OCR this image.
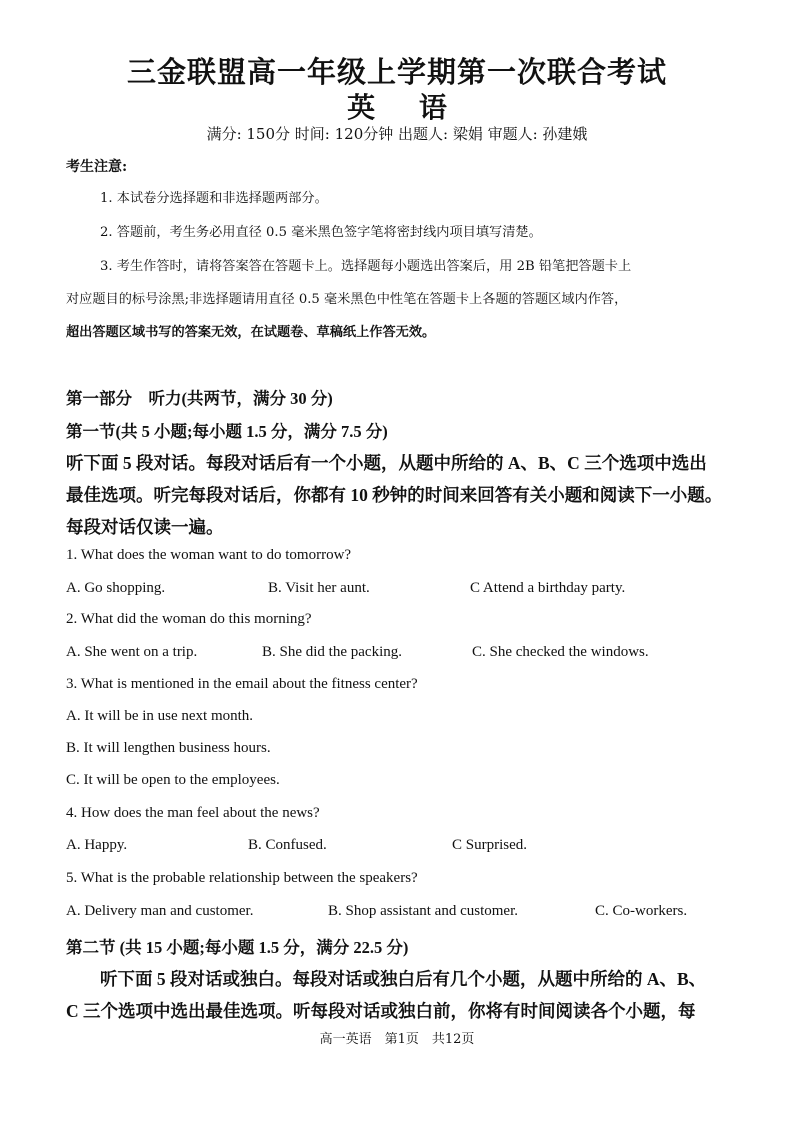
三金联盟高一年级上学期第一次联合考试
英 语
满分: 150分 时间: 120分钟 出题人: 梁娟 审题人: 孙建娥
考生注意:
1. 本试卷分选择题和非选择题两部分。
2. 答题前，考生务必用直径 0.5 毫米黑色签字笔将密封线内项目填写清楚。
3. 考生作答时，请将答案答在答题卡上。选择题每小题选出答案后，用 2B 铅笔把答题卡上
对应题目的标号涂黑;非选择题请用直径 0.5 毫米黑色中性笔在答题卡上各题的答题区域内作答，
超出答题区域书写的答案无效，在试题卷、草稿纸上作答无效。
第一部分　听力(共两节，满分 30 分)
第一节(共 5 小题;每小题 1.5 分，满分 7.5 分)
听下面 5 段对话。每段对话后有一个小题，从题中所给的 A、B、C 三个选项中选出
最佳选项。听完每段对话后，你都有 10 秒钟的时间来回答有关小题和阅读下一小题。
每段对话仅读一遍。
1. What does the woman want to do tomorrow?
A. Go shopping.	B. Visit her aunt.	C Attend a birthday party.
2. What did the woman do this morning?
A. She went on a trip.	B. She did the packing.	C. She checked the windows.
3. What is mentioned in the email about the fitness center?
A. It will be in use next month.
B. It will lengthen business hours.
C. It will be open to the employees.
4. How does the man feel about the news?
A. Happy.	B. Confused.	C Surprised.
5. What is the probable relationship between the speakers?
A. Delivery man and customer.	B. Shop assistant and customer.	C. Co-workers.
第二节 (共 15 小题;每小题 1.5 分，满分 22.5 分)
听下面 5 段对话或独白。每段对话或独白后有几个小题，从题中所给的 A、B、
C 三个选项中选出最佳选项。听每段对话或独白前，你将有时间阅读各个小题，每
高一英语　第1页　共12页
